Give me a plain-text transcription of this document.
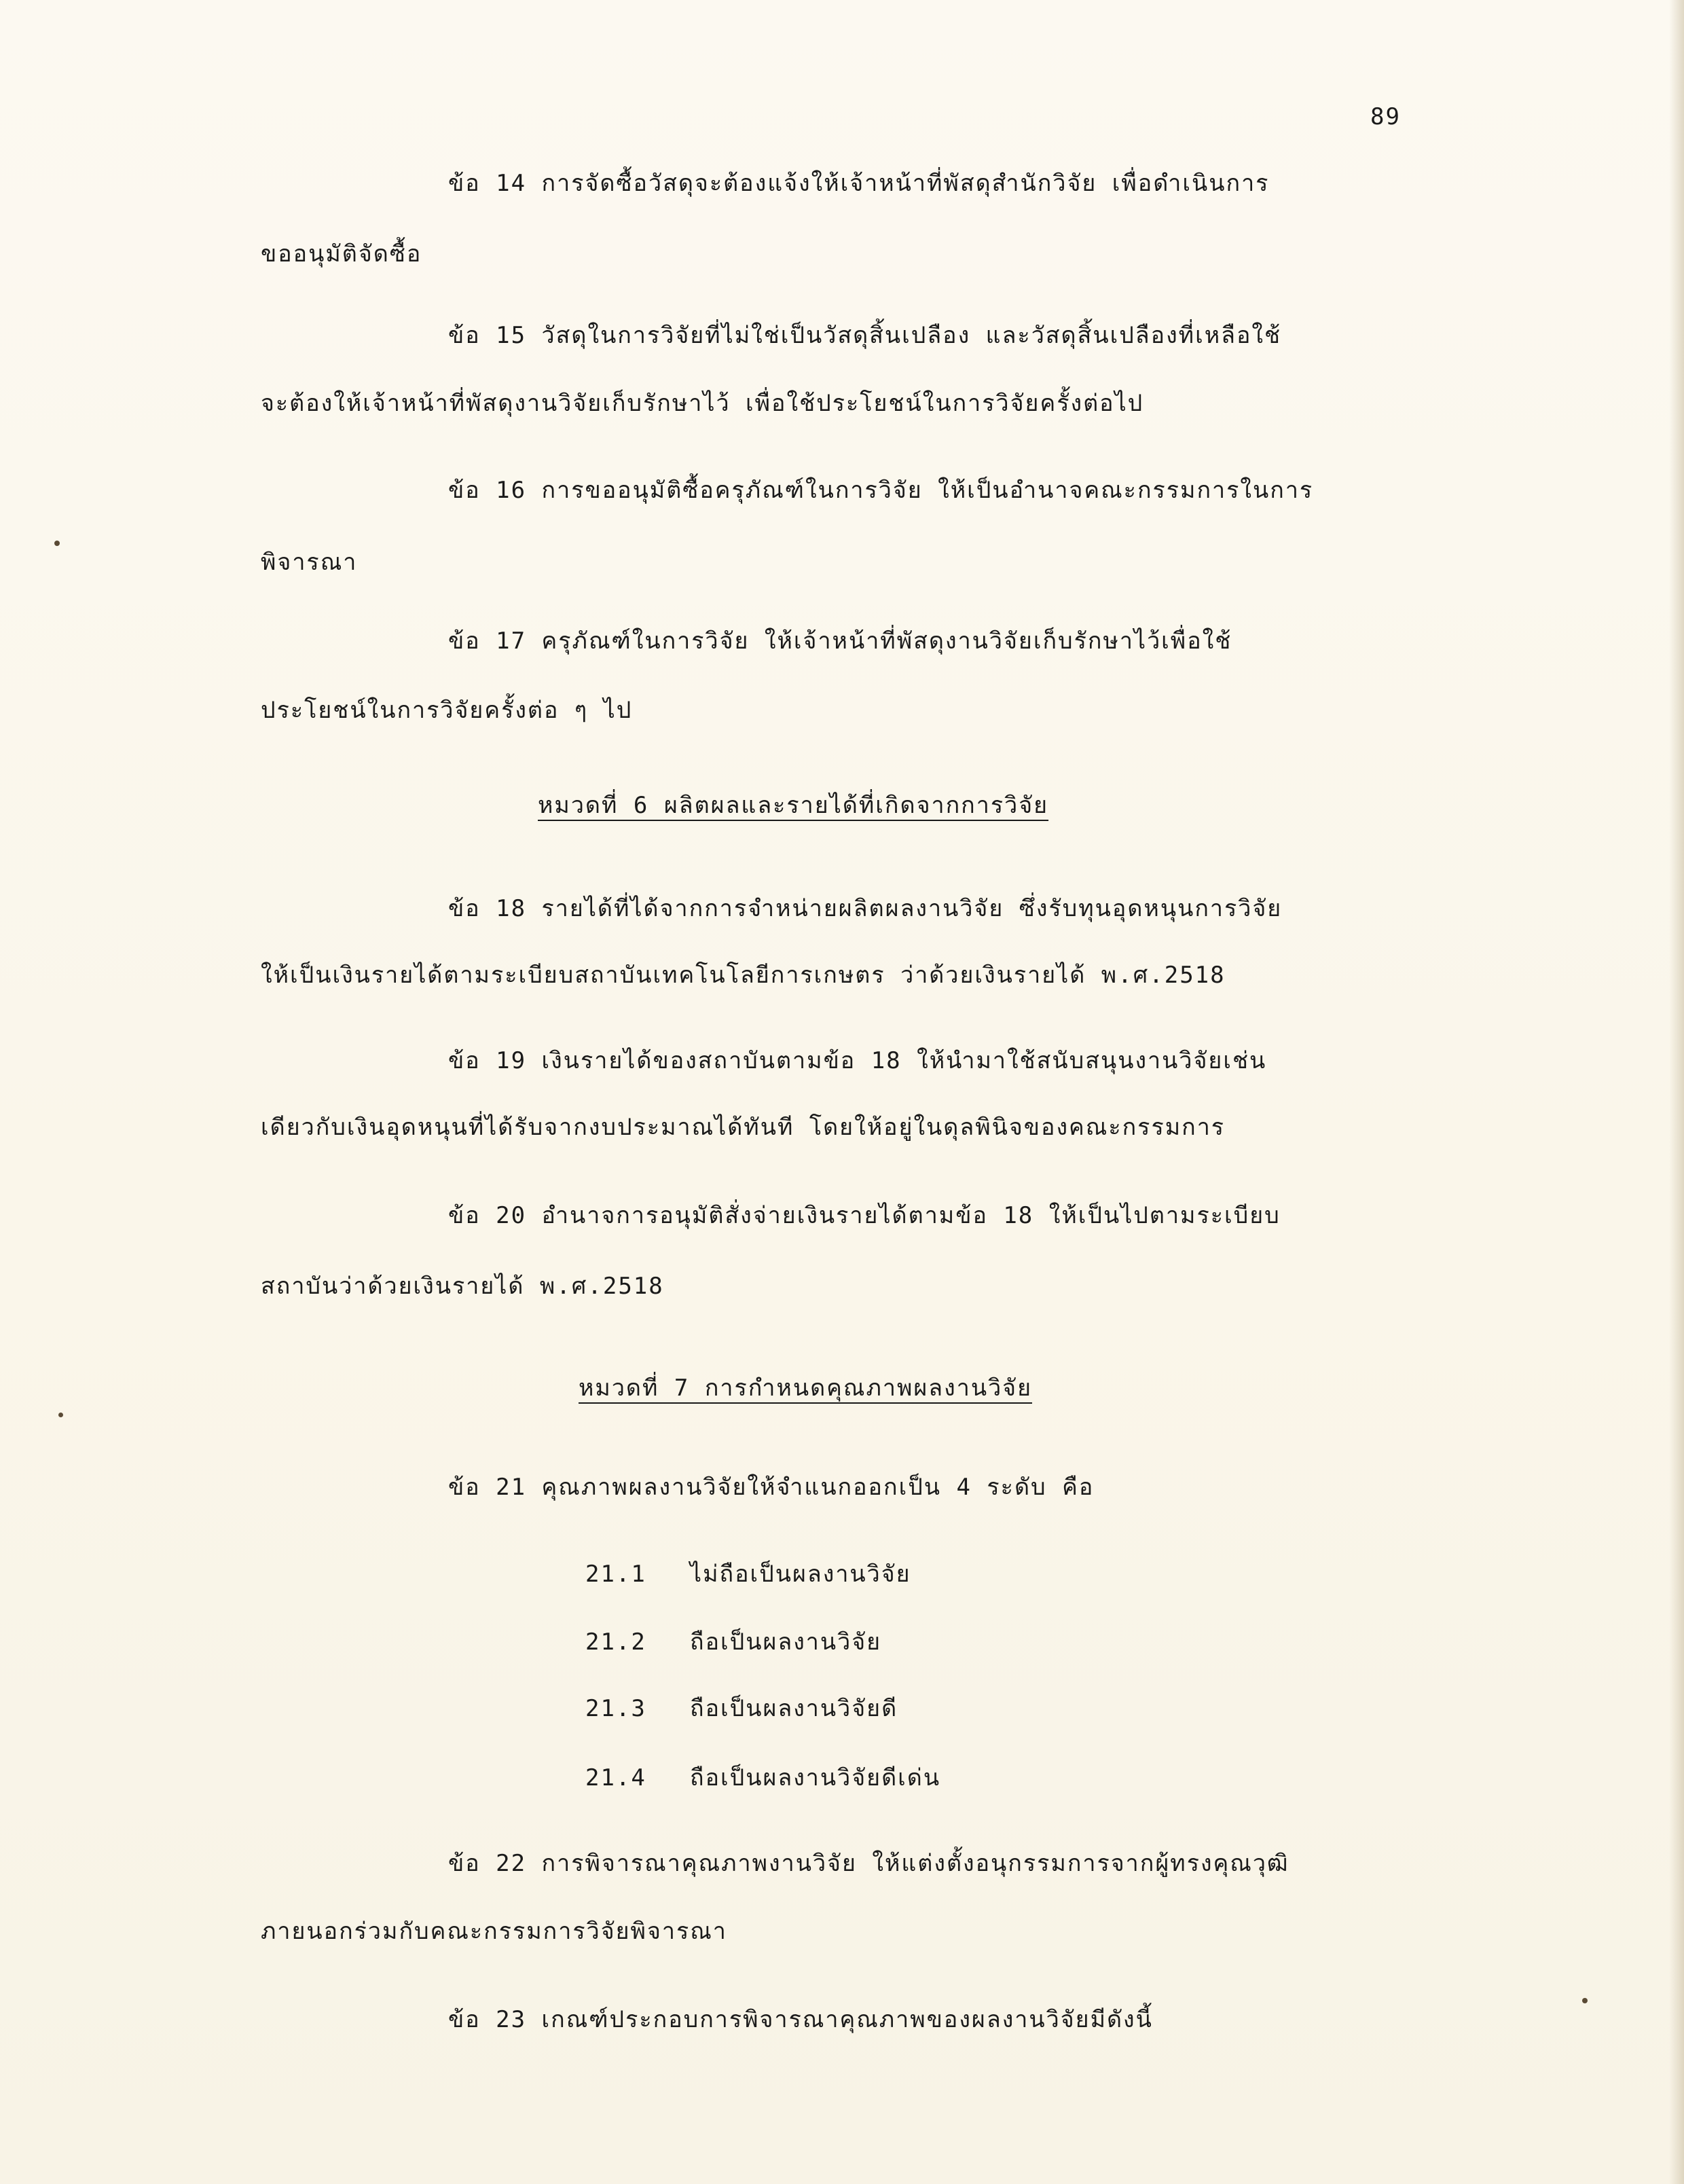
89
ข้อ 14 การจัดซื้อวัสดุจะต้องแจ้งให้เจ้าหน้าที่พัสดุสำนักวิจัย เพื่อดำเนินการ
ขออนุมัติจัดซื้อ
ข้อ 15 วัสดุในการวิจัยที่ไม่ใช่เป็นวัสดุสิ้นเปลือง และวัสดุสิ้นเปลืองที่เหลือใช้
จะต้องให้เจ้าหน้าที่พัสดุงานวิจัยเก็บรักษาไว้ เพื่อใช้ประโยชน์ในการวิจัยครั้งต่อไป
ข้อ 16 การขออนุมัติซื้อครุภัณฑ์ในการวิจัย ให้เป็นอำนาจคณะกรรมการในการ
พิจารณา
ข้อ 17 ครุภัณฑ์ในการวิจัย ให้เจ้าหน้าที่พัสดุงานวิจัยเก็บรักษาไว้เพื่อใช้
ประโยชน์ในการวิจัยครั้งต่อ ๆ ไป
หมวดที่ 6 ผลิตผลและรายได้ที่เกิดจากการวิจัย
ข้อ 18 รายได้ที่ได้จากการจำหน่ายผลิตผลงานวิจัย ซึ่งรับทุนอุดหนุนการวิจัย
ให้เป็นเงินรายได้ตามระเบียบสถาบันเทคโนโลยีการเกษตร ว่าด้วยเงินรายได้ พ.ศ.2518
ข้อ 19 เงินรายได้ของสถาบันตามข้อ 18 ให้นำมาใช้สนับสนุนงานวิจัยเช่น
เดียวกับเงินอุดหนุนที่ได้รับจากงบประมาณได้ทันที โดยให้อยู่ในดุลพินิจของคณะกรรมการ
ข้อ 20 อำนาจการอนุมัติสั่งจ่ายเงินรายได้ตามข้อ 18 ให้เป็นไปตามระเบียบ
สถาบันว่าด้วยเงินรายได้ พ.ศ.2518
หมวดที่ 7 การกำหนดคุณภาพผลงานวิจัย
ข้อ 21 คุณภาพผลงานวิจัยให้จำแนกออกเป็น 4 ระดับ คือ
21.1 ไม่ถือเป็นผลงานวิจัย
21.2 ถือเป็นผลงานวิจัย
21.3 ถือเป็นผลงานวิจัยดี
21.4 ถือเป็นผลงานวิจัยดีเด่น
ข้อ 22 การพิจารณาคุณภาพงานวิจัย ให้แต่งตั้งอนุกรรมการจากผู้ทรงคุณวุฒิ
ภายนอกร่วมกับคณะกรรมการวิจัยพิจารณา
ข้อ 23 เกณฑ์ประกอบการพิจารณาคุณภาพของผลงานวิจัยมีดังนี้
